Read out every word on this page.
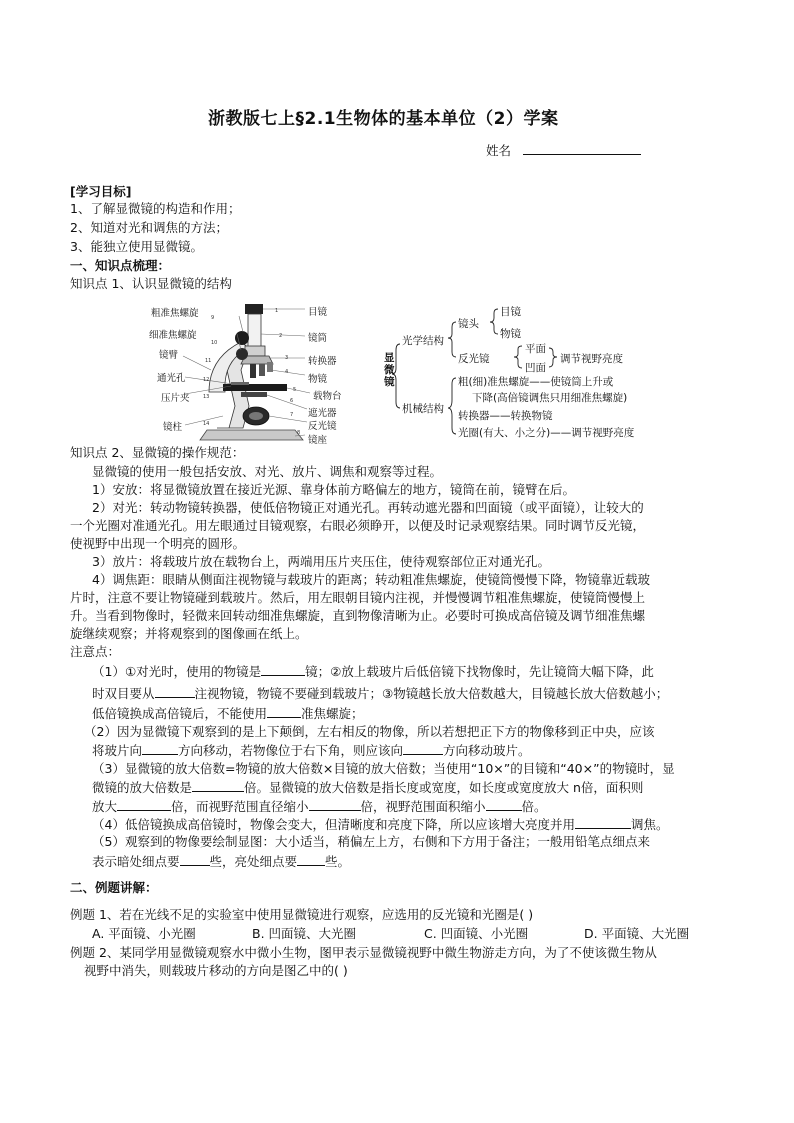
浙教版七上§2.1生物体的基本单位（2）学案
姓名
[学习目标]
1、了解显微镜的构造和作用；
2、知道对光和调焦的方法；
3、能独立使用显微镜。
一、知识点梳理：
知识点 1、认识显微镜的结构
1
2
3
4
5
6
7
8
9
10
11
12
13
14
粗准焦螺旋
细准焦螺旋
镜臂
通光孔
压片夹
镜柱
目镜
镜筒
转换器
物镜
载物台
遮光器
反光镜
镜座
显微镜
光学结构
镜头
目镜
物镜
反光镜
平面
凹面
调节视野亮度
机械结构
粗(细)准焦螺旋——使镜筒上升或
下降(高倍镜调焦只用细准焦螺旋)
转换器——转换物镜
光圈(有大、小之分)——调节视野亮度
知识点 2、显微镜的操作规范：
显微镜的使用一般包括安放、对光、放片、调焦和观察等过程。
1）安放：将显微镜放置在接近光源、靠身体前方略偏左的地方，镜筒在前，镜臂在后。
2）对光：转动物镜转换器，使低倍物镜正对通光孔。再转动遮光器和凹面镜（或平面镜），让较大的
一个光圈对准通光孔。用左眼通过目镜观察，右眼必须睁开，以便及时记录观察结果。同时调节反光镜，
使视野中出现一个明亮的圆形。
3）放片：将载玻片放在载物台上，两端用压片夹压住，使待观察部位正对通光孔。
4）调焦距：眼睛从侧面注视物镜与载玻片的距离；转动粗准焦螺旋，使镜筒慢慢下降，物镜靠近载玻
片时，注意不要让物镜碰到载玻片。然后，用左眼朝目镜内注视，并慢慢调节粗准焦螺旋，使镜筒慢慢上
升。当看到物像时，轻微来回转动细准焦螺旋，直到物像清晰为止。必要时可换成高倍镜及调节细准焦螺
旋继续观察；并将观察到的图像画在纸上。
注意点：
（1）①对光时，使用的物镜是	镜；②放上载玻片后低倍镜下找物像时，先让镜筒大幅下降，此
时双目要从	注视物镜，物镜不要碰到载玻片；③物镜越长放大倍数越大，目镜越长放大倍数越小；
低倍镜换成高倍镜后，不能使用	准焦螺旋；
（2）因为显微镜下观察到的是上下颠倒，左右相反的物像，所以若想把正下方的物像移到正中央，应该
将玻片向	方向移动，若物像位于右下角，则应该向	方向移动玻片。
（3）显微镜的放大倍数=物镜的放大倍数×目镜的放大倍数；当使用“10×”的目镜和“40×”的物镜时，显
微镜的放大倍数是	倍。显微镜的放大倍数是指长度或宽度，如长度或宽度放大 n倍，面积则
放大	倍，而视野范围直径缩小	倍，视野范围面积缩小	倍。
（4）低倍镜换成高倍镜时，物像会变大，但清晰度和亮度下降，所以应该增大亮度并用	调焦。
（5）观察到的物像要绘制显图：大小适当，稍偏左上方，右侧和下方用于备注；一般用铅笔点细点来
表示暗处细点要 些，亮处细点要 些。
二、例题讲解：
例题 1、若在光线不足的实验室中使用显微镜进行观察，应选用的反光镜和光圈是( )
A. 平面镜、小光圈	B. 凹面镜、大光圈	C. 凹面镜、小光圈	D. 平面镜、大光圈
例题 2、某同学用显微镜观察水中微小生物，图甲表示显微镜视野中微生物游走方向，为了不使该微生物从
视野中消失，则载玻片移动的方向是图乙中的( )
